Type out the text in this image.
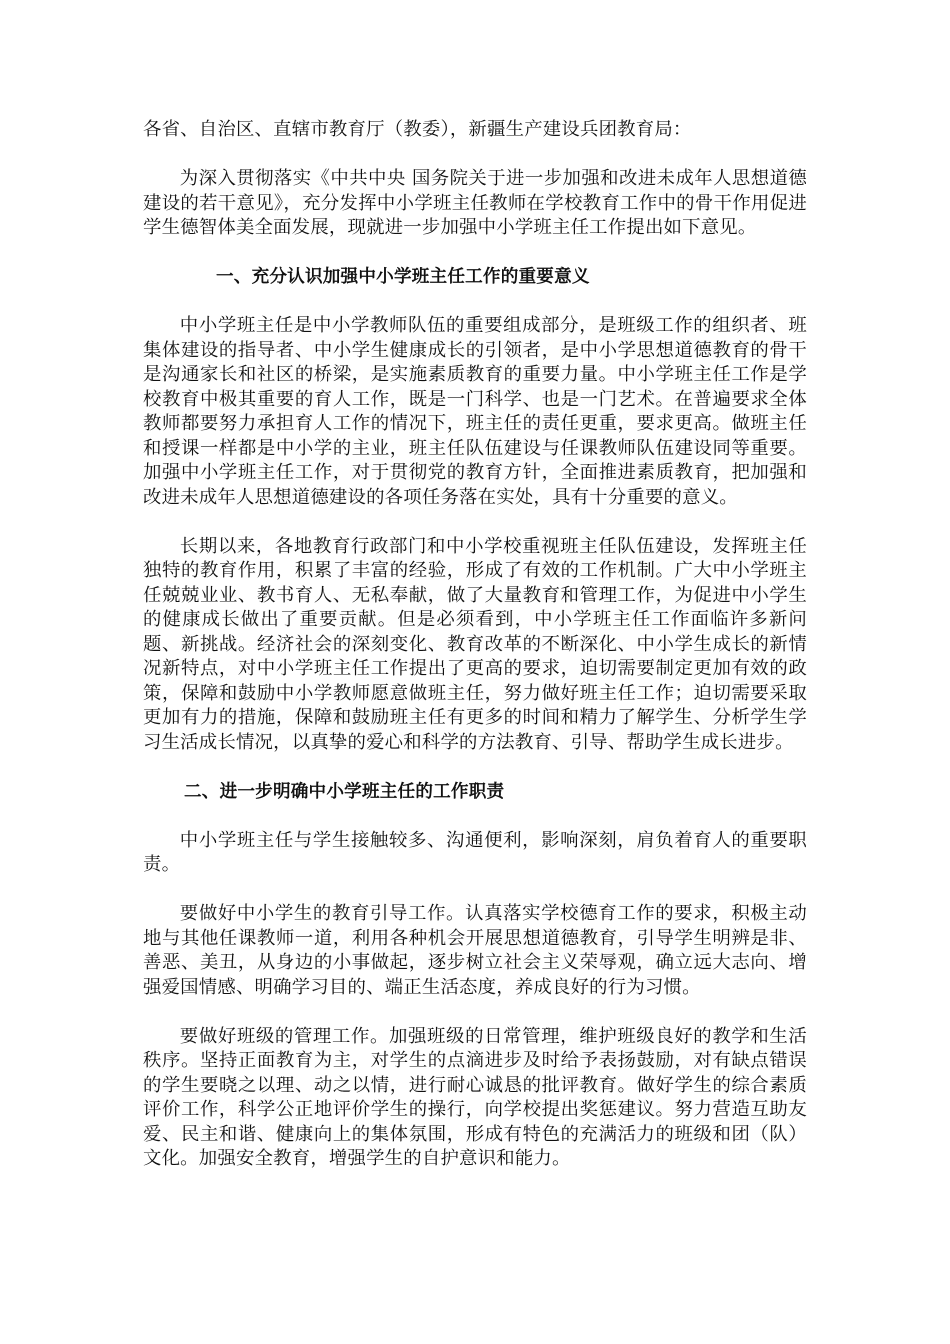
各省、自治区、直辖市教育厅（教委），新疆生产建设兵团教育局：

为深入贯彻落实《中共中央 国务院关于进一步加强和改进未成年人思想道德建设的若干意见》，充分发挥中小学班主任教师在学校教育工作中的骨干作用促进学生德智体美全面发展，现就进一步加强中小学班主任工作提出如下意见。

一、充分认识加强中小学班主任工作的重要意义

中小学班主任是中小学教师队伍的重要组成部分，是班级工作的组织者、班集体建设的指导者、中小学生健康成长的引领者，是中小学思想道德教育的骨干是沟通家长和社区的桥梁，是实施素质教育的重要力量。中小学班主任工作是学校教育中极其重要的育人工作，既是一门科学、也是一门艺术。在普遍要求全体教师都要努力承担育人工作的情况下，班主任的责任更重，要求更高。做班主任和授课一样都是中小学的主业，班主任队伍建设与任课教师队伍建设同等重要。加强中小学班主任工作，对于贯彻党的教育方针，全面推进素质教育，把加强和改进未成年人思想道德建设的各项任务落在实处，具有十分重要的意义。

长期以来，各地教育行政部门和中小学校重视班主任队伍建设，发挥班主任独特的教育作用，积累了丰富的经验，形成了有效的工作机制。广大中小学班主任兢兢业业、教书育人、无私奉献，做了大量教育和管理工作，为促进中小学生的健康成长做出了重要贡献。但是必须看到，中小学班主任工作面临许多新问题、新挑战。经济社会的深刻变化、教育改革的不断深化、中小学生成长的新情况新特点，对中小学班主任工作提出了更高的要求，迫切需要制定更加有效的政策，保障和鼓励中小学教师愿意做班主任，努力做好班主任工作；迫切需要采取更加有力的措施，保障和鼓励班主任有更多的时间和精力了解学生、分析学生学习生活成长情况，以真挚的爱心和科学的方法教育、引导、帮助学生成长进步。

二、进一步明确中小学班主任的工作职责

中小学班主任与学生接触较多、沟通便利，影响深刻，肩负着育人的重要职责。

要做好中小学生的教育引导工作。认真落实学校德育工作的要求，积极主动地与其他任课教师一道，利用各种机会开展思想道德教育，引导学生明辨是非、善恶、美丑，从身边的小事做起，逐步树立社会主义荣辱观，确立远大志向、增强爱国情感、明确学习目的、端正生活态度，养成良好的行为习惯。

要做好班级的管理工作。加强班级的日常管理，维护班级良好的教学和生活秩序。坚持正面教育为主，对学生的点滴进步及时给予表扬鼓励，对有缺点错误的学生要晓之以理、动之以情，进行耐心诚恳的批评教育。做好学生的综合素质评价工作，科学公正地评价学生的操行，向学校提出奖惩建议。努力营造互助友爱、民主和谐、健康向上的集体氛围，形成有特色的充满活力的班级和团（队）文化。加强安全教育，增强学生的自护意识和能力。
